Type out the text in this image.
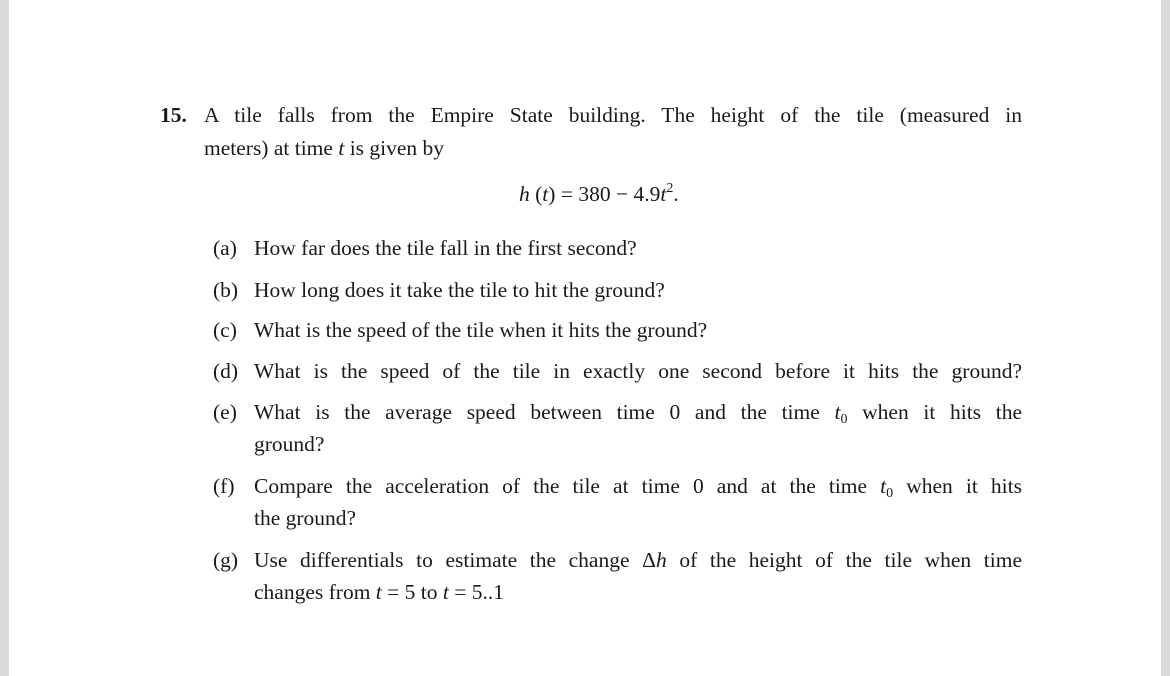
15. A tile falls from the Empire State building. The height of the tile (measured in
meters) at time t is given by
h $(t) = 380 - 4.9t^2$.
(a) How far does the tile fall in the first second?
(b) How long does it take the tile to hit the ground?
(c) What is the speed of the tile when it hits the ground?
(d) What is the speed of the tile in exactly one second before it hits the ground?
(e) What is the average speed between time 0 and the time $t_0$ when it hits the
ground?
(f) Compare the acceleration of the tile at time 0 and at the time $t_0$ when it hits
the ground?
(g) Use differentials to estimate the change Δh of the height of the tile when time
changes from t = 5 to t = 5..1
